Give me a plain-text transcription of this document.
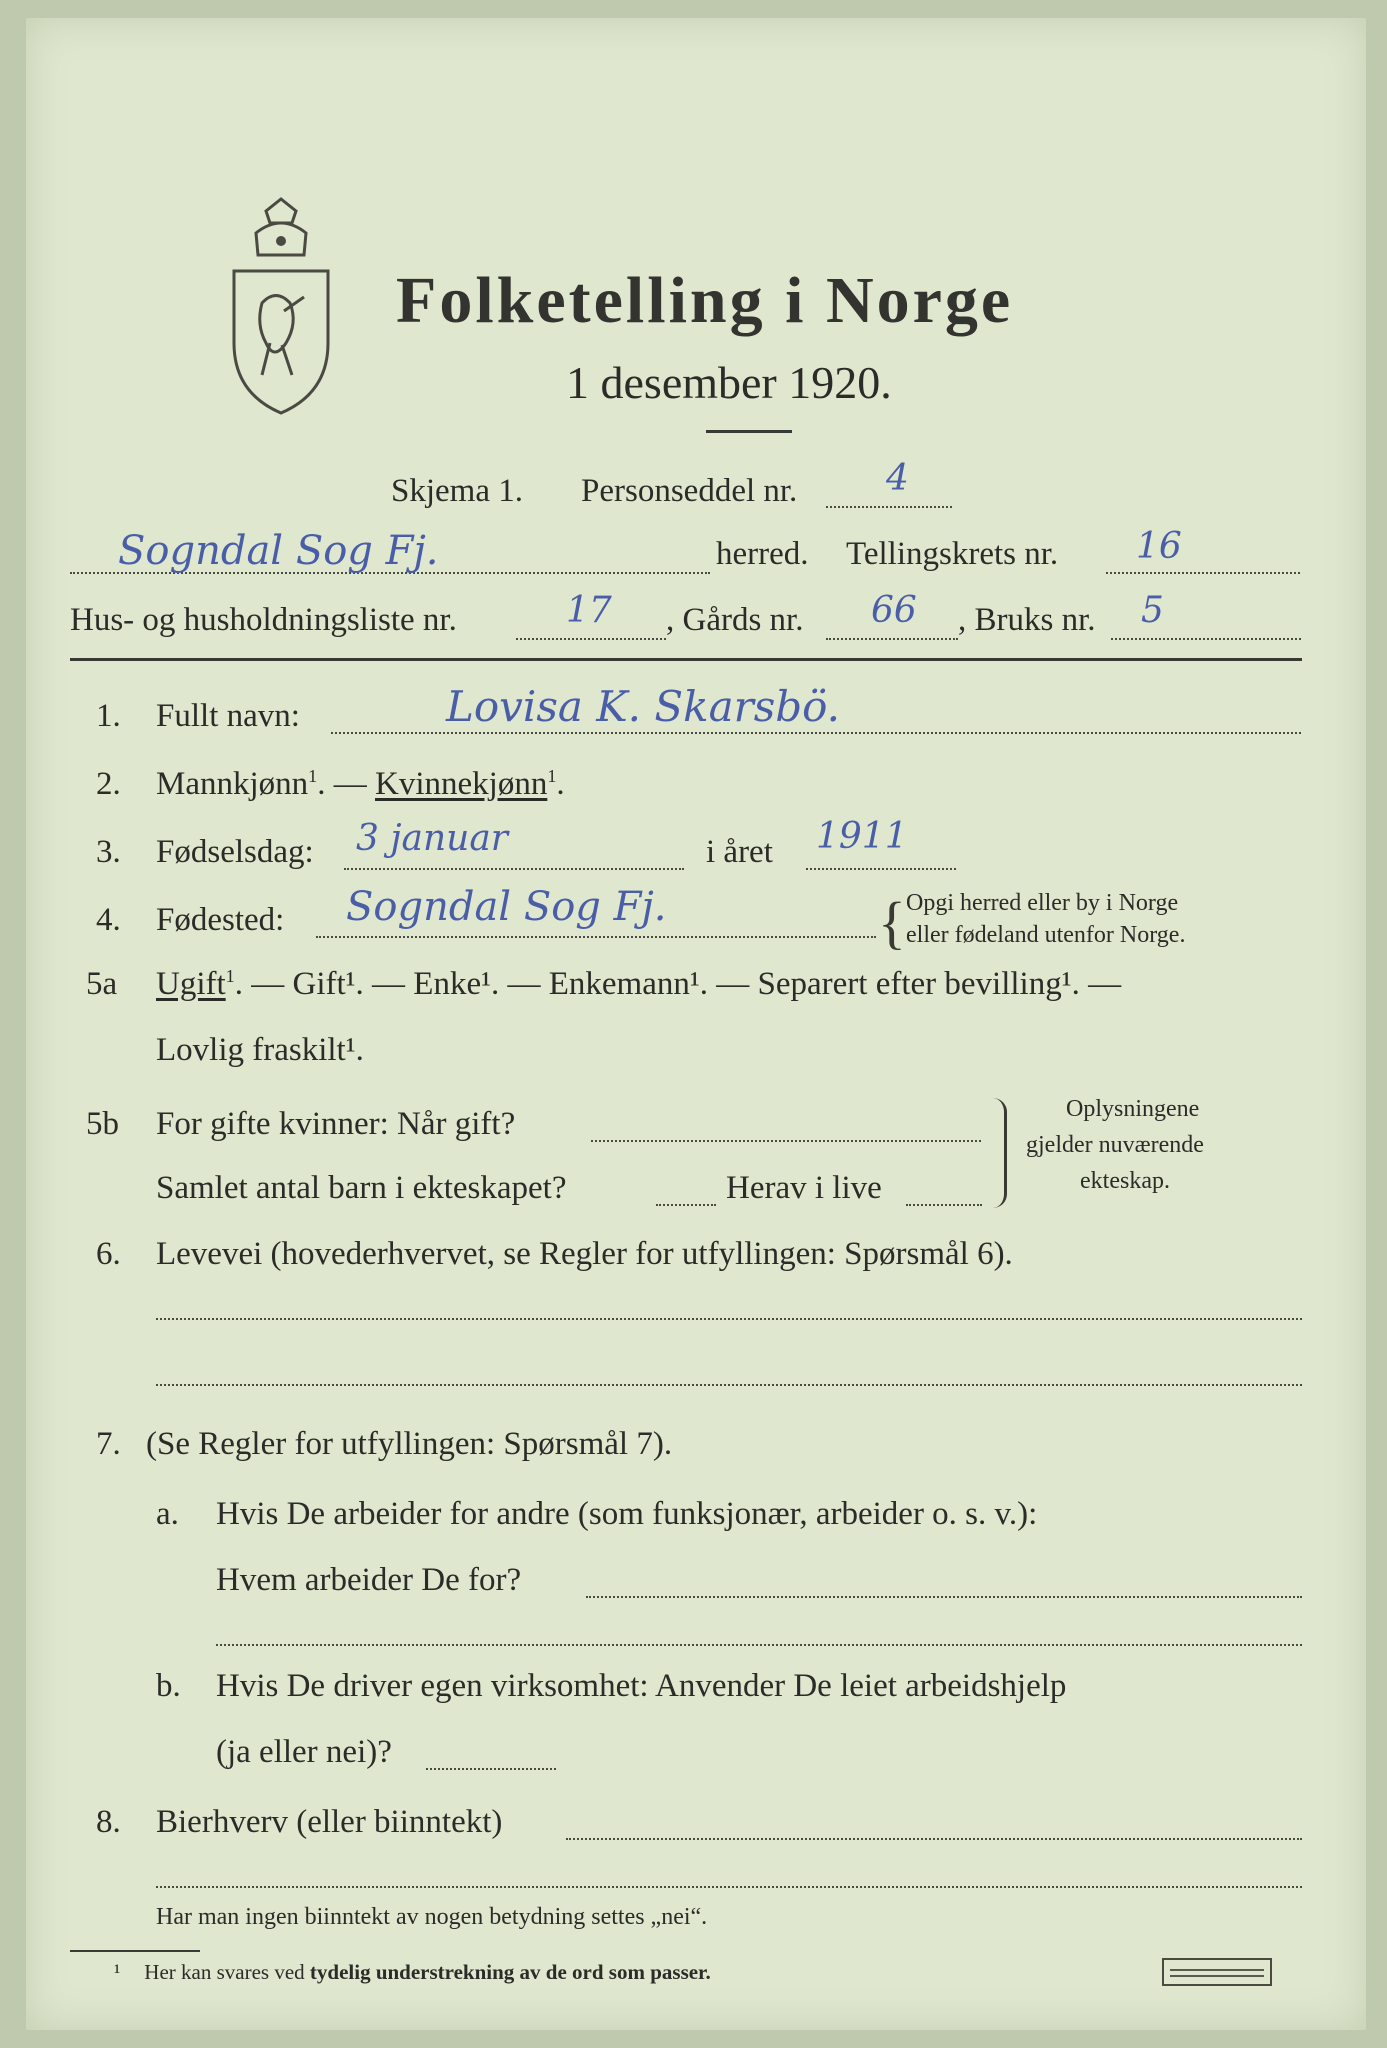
Folketelling i Norge
1 desember 1920.
Skjema 1. Personseddel nr. 4
Sogndal Sog Fj.	herred. Tellingskrets nr. 16
Hus- og husholdningsliste nr.	17 , Gårds nr. 66 , Bruks nr. 5
1. Fullt navn:	Lovisa K. Skarsbö.
2. Mannkjønn$^1$. — Kvinnekjønn$^1$.
3. Fødselsdag: 3 januar	i året 1911
4. Fødested: Sogndal Sog Fj.	{ Opgi herred eller by i Norge
eller fødeland utenfor Norge.
5a Ugift$^1$. — Gift¹. — Enke¹. — Enkemann¹. — Separert efter bevilling¹. —
Lovlig fraskilt¹.
5b For gifte kvinner: Når gift?
Samlet antal barn i ekteskapet?	Herav i live
Oplysningene
gjelder nuværende
ekteskap.
6. Levevei (hovederhvervet, se Regler for utfyllingen: Spørsmål 6).
7. (Se Regler for utfyllingen: Spørsmål 7).
a. Hvis De arbeider for andre (som funksjonær, arbeider o. s. v.):
Hvem arbeider De for?
b. Hvis De driver egen virksomhet: Anvender De leiet arbeidshjelp
(ja eller nei)?
8. Bierhverv (eller biinntekt)
Har man ingen biinntekt av nogen betydning settes „nei“.
¹ Her kan svares ved tydelig understrekning av de ord som passer.
